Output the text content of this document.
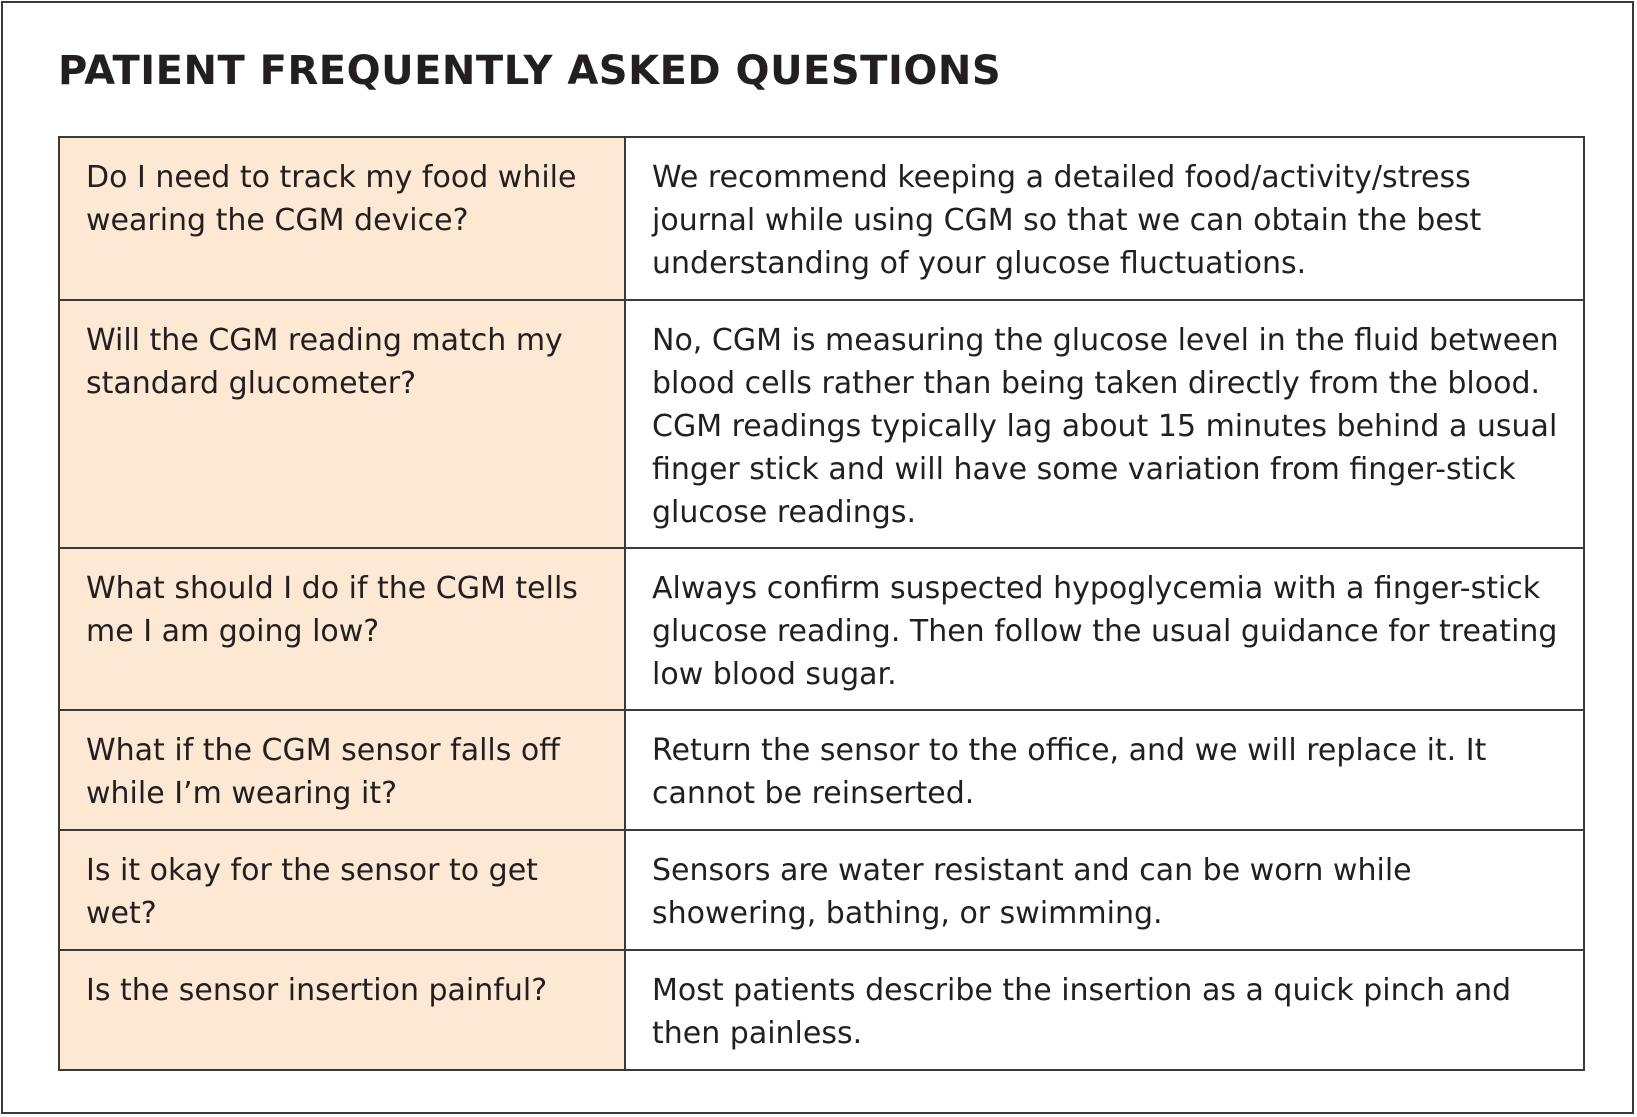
PATIENT FREQUENTLY ASKED QUESTIONS
Do I need to track my food while wearing the CGM device?	We recommend keeping a detailed food/activity/stress journal while using CGM so that we can obtain the best understanding of your glucose fluctuations.
Will the CGM reading match my standard glucometer?	No, CGM is measuring the glucose level in the fluid between blood cells rather than being taken directly from the blood. CGM readings typically lag about 15 minutes behind a usual finger stick and will have some variation from finger-stick glucose readings.
What should I do if the CGM tells me I am going low?	Always confirm suspected hypoglycemia with a finger-stick glucose reading. Then follow the usual guidance for treating low blood sugar.
What if the CGM sensor falls off while I’m wearing it?	Return the sensor to the office, and we will replace it. It cannot be reinserted.
Is it okay for the sensor to get wet?	Sensors are water resistant and can be worn while showering, bathing, or swimming.
Is the sensor insertion painful?	Most patients describe the insertion as a quick pinch and then painless.
